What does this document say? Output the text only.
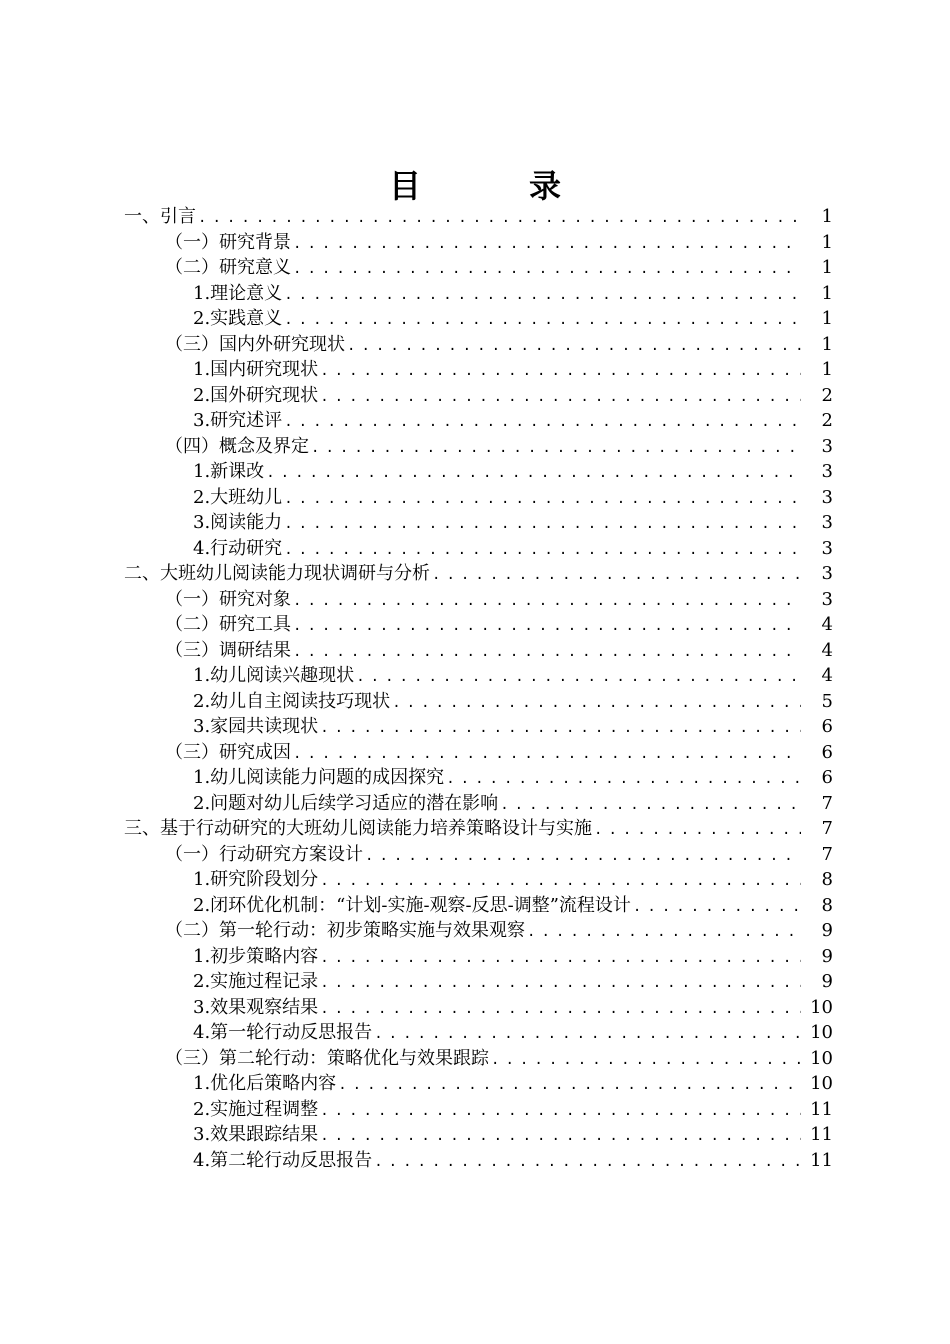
目　录
一、引言 . . .	1
（一）研究背景 . . .	1
（二）研究意义 . . .	1
1.理论意义 . . .	1
2.实践意义 . . .	1
（三）国内外研究现状 . . .	1
1.国内研究现状 . . .	1
2.国外研究现状 . . .	2
3.研究述评 . . .	2
（四）概念及界定 . . .	3
1.新课改 . . .	3
2.大班幼儿 . . .	3
3.阅读能力 . . .	3
4.行动研究 . . .	3
二、大班幼儿阅读能力现状调研与分析 . . .	3
（一）研究对象 . . .	3
（二）研究工具 . . .	4
（三）调研结果 . . .	4
1.幼儿阅读兴趣现状 . . .	4
2.幼儿自主阅读技巧现状 . . .	5
3.家园共读现状 . . .	6
（三）研究成因 . . .	6
1.幼儿阅读能力问题的成因探究 . . .	6
2.问题对幼儿后续学习适应的潜在影响 . . .	7
三、基于行动研究的大班幼儿阅读能力培养策略设计与实施 . . .	7
（一）行动研究方案设计 . . .	7
1.研究阶段划分 . . .	8
2.闭环优化机制：“计划-实施-观察-反思-调整”流程设计 . . .	8
（二）第一轮行动：初步策略实施与效果观察 . . .	9
1.初步策略内容 . . .	9
2.实施过程记录 . . .	9
3.效果观察结果 . . .	10
4.第一轮行动反思报告 . . .	10
（三）第二轮行动：策略优化与效果跟踪 . . .	10
1.优化后策略内容 . . .	10
2.实施过程调整 . . .	11
3.效果跟踪结果 . . .	11
4.第二轮行动反思报告 . . .	11
